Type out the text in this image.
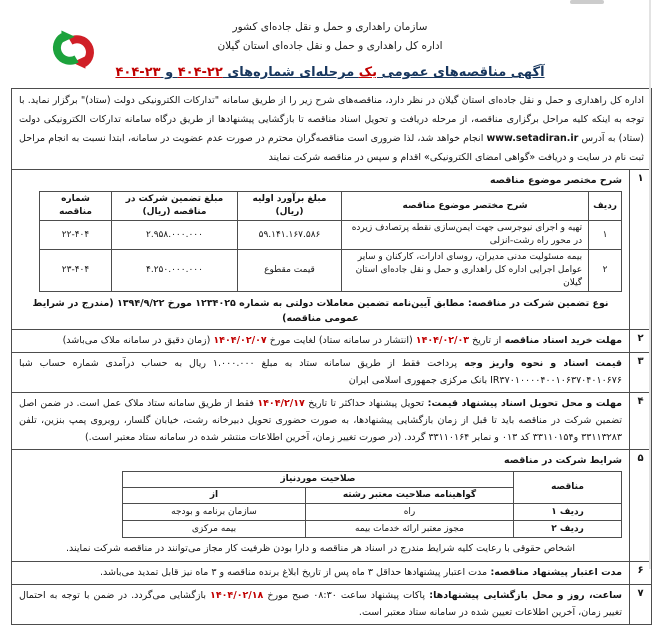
سازمان راهداری و حمل و نقل جاده‌ای کشور
اداره کل راهداری و حمل و نقل جاده‌ای استان گیلان
آگهی مناقصه‌های عمومی یک مرحله‌ای شماره‌های ۲۲-۴۰۴ و ۲۳-۴۰۴
اداره کل راهداری و حمل و نقل جاده‌ای استان گیلان در نظر دارد، مناقصه‌های شرح زیر را از طریق سامانه "تدارکات الکترونیکی دولت (ستاد)" برگزار نماید. با توجه به اینکه کلیه مراحل برگزاری مناقصه، از مرحله دریافت و تحویل اسناد مناقصه تا بازگشایی پیشنهادها از طریق درگاه سامانه تدارکات الکترونیکی دولت (ستاد) به آدرس www.setadiran.ir انجام خواهد شد، لذا ضروری است مناقصه‌گران محترم در صورت عدم عضویت در سامانه، ابتدا نسبت به انجام مراحل ثبت نام در سایت و دریافت «گواهی امضای الکترونیکی» اقدام و سپس در مناقصه شرکت نمایند
۱
شرح مختصر موضوع مناقصه
ردیف	شرح مختصر موضوع مناقصه	مبلغ برآورد اولیه (ریال)	مبلغ تضمین شرکت در مناقصه (ریال)	شماره مناقصه
۱	تهیه و اجرای نیوجرسی جهت ایمن‌سازی نقطه پرتصادف زیرده در محور راه رشت-انزلی	۵۹.۱۴۱.۱۶۷.۵۸۶	۲.۹۵۸.۰۰۰.۰۰۰	۲۲-۴۰۴
۲	بیمه مسئولیت مدنی مدیران، روسای ادارات، کارکنان و سایر عوامل اجرایی اداره کل راهداری و حمل و نقل جاده‌ای استان گیلان	قیمت مقطوع	۴.۲۵۰.۰۰۰.۰۰۰	۲۳-۴۰۴
نوع تضمین شرکت در مناقصه: مطابق آیین‌نامه تضمین معاملات دولتی به شماره ۱۲۳۴۰۲۵ مورخ ۱۳۹۴/۹/۲۲ (مندرج در شرایط عمومی مناقصه)
۲
مهلت خرید اسناد مناقصه از تاریخ ۱۴۰۴/۰۲/۰۳ (انتشار در سامانه ستاد) لغایت مورخ ۱۴۰۴/۰۲/۰۷ (زمان دقیق در سامانه ملاک می‌باشد)
۳
قیمت اسناد و نحوه واریز وجه پرداخت فقط از طریق سامانه ستاد به مبلغ ۱.۰۰۰.۰۰۰ ریال به حساب درآمدی شماره حساب شبا IR۳۷۰۱۰۰۰۰۴۰۰۱۰۶۳۷۰۴۰۱۰۶۷۶ بانک مرکزی جمهوری اسلامی ایران
۴
مهلت و محل تحویل اسناد پیشنهاد قیمت: تحویل پیشنهاد حداکثر تا تاریخ ۱۴۰۴/۲/۱۷ فقط از طریق سامانه ستاد ملاک عمل است. در ضمن اصل تضمین شرکت در مناقصه باید تا قبل از زمان بازگشایی پیشنهادها، به صورت حضوری تحویل دبیرخانه رشت، خیابان گلسار، روبروی پمپ بنزین، تلفن ۳۳۱۱۳۲۸۳ و۳۳۱۱۰۱۵۴ کد ۰۱۳ و نمابر ۳۳۱۱۰۱۶۴ گردد. (در صورت تغییر زمان، آخرین اطلاعات منتشر شده در سامانه ستاد معتبر است.)
۵
شرایط شرکت در مناقصه
مناقصه	صلاحیت موردنیاز	
	گواهینامه صلاحیت معتبر رشته	از
ردیف ۱	راه	سازمان برنامه و بودجه
ردیف ۲	مجوز معتبر ارائه خدمات بیمه	بیمه مرکزی
اشخاص حقوقی با رعایت کلیه شرایط مندرج در اسناد هر مناقصه و دارا بودن ظرفیت کار مجاز می‌توانند در مناقصه شرکت نمایند.
۶
مدت اعتبار پیشنهاد مناقصه: مدت اعتبار پیشنهادها حداقل ۳ ماه پس از تاریخ ابلاغ برنده مناقصه و ۳ ماه نیز قابل تمدید می‌باشد.
۷
ساعت، روز و محل بازگشایی پیشنهادها: پاکات پیشنهاد ساعت ۰۸:۳۰ صبح مورخ ۱۴۰۴/۰۲/۱۸ بازگشایی می‌گردد. در ضمن با توجه به احتمال تغییر زمان، آخرین اطلاعات تعیین شده در سامانه ستاد معتبر است.
